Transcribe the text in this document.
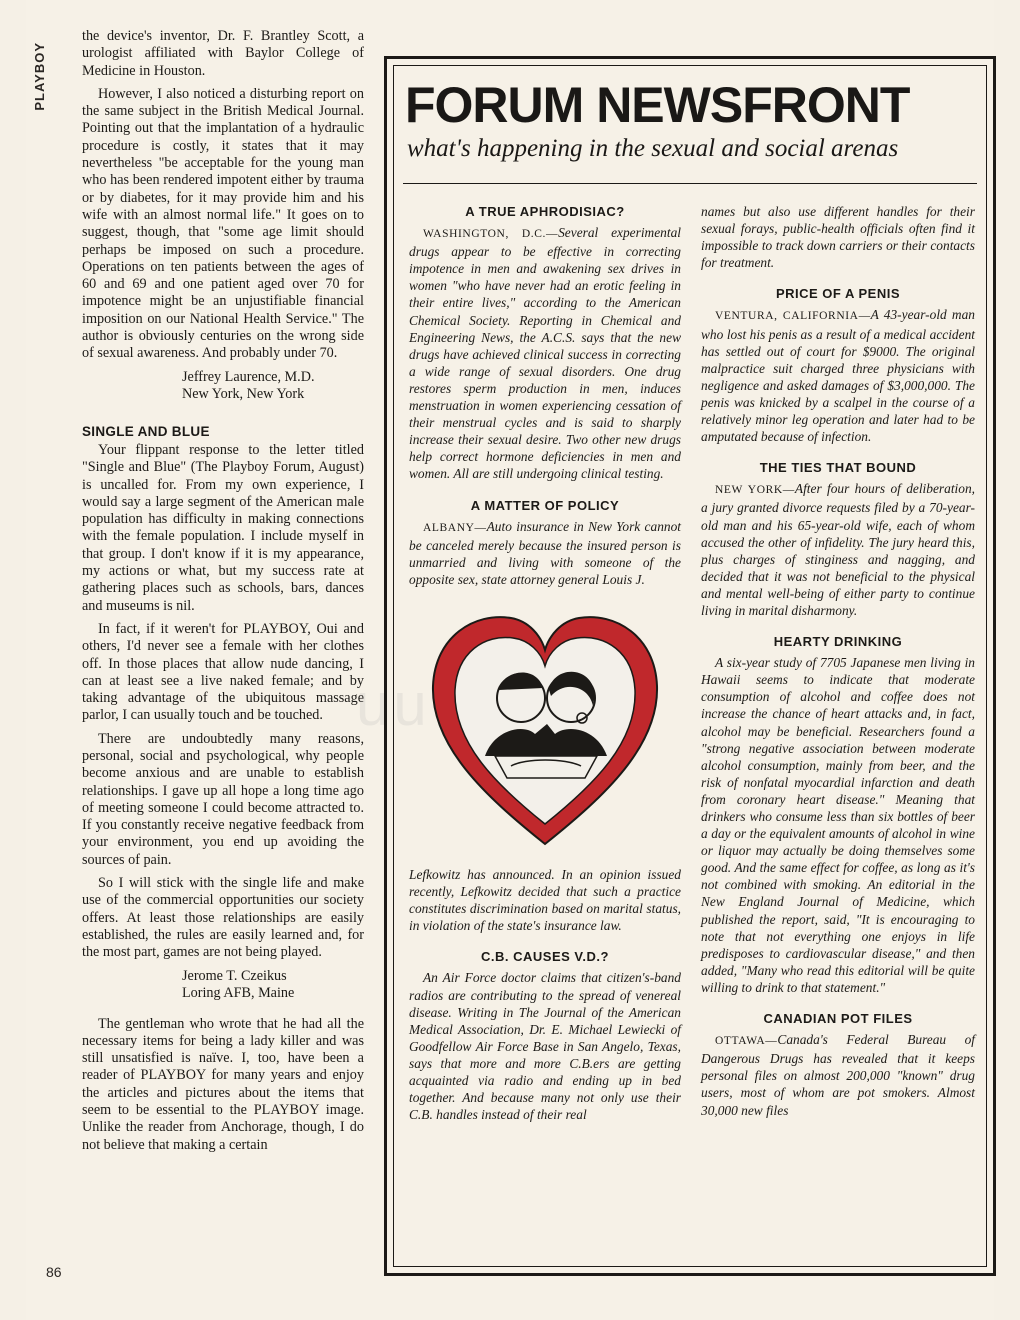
PLAYBOY
86

the device's inventor, Dr. F. Brantley Scott, a urologist affiliated with Baylor College of Medicine in Houston.

However, I also noticed a disturbing report on the same subject in the British Medical Journal. Pointing out that the implantation of a hydraulic procedure is costly, it states that it may nevertheless "be acceptable for the young man who has been rendered impotent either by trauma or by diabetes, for it may provide him and his wife with an almost normal life." It goes on to suggest, though, that "some age limit should perhaps be imposed on such a procedure. Operations on ten patients between the ages of 60 and 69 and one patient aged over 70 for impotence might be an unjustifiable financial imposition on our National Health Service." The author is obviously centuries on the wrong side of sexual awareness. And probably under 70.

Jeffrey Laurence, M.D.
New York, New York
SINGLE AND BLUE

Your flippant response to the letter titled "Single and Blue" (The Playboy Forum, August) is uncalled for. From my own experience, I would say a large segment of the American male population has difficulty in making connections with the female population. I include myself in that group. I don't know if it is my appearance, my actions or what, but my success rate at gathering places such as schools, bars, dances and museums is nil.

In fact, if it weren't for PLAYBOY, Oui and others, I'd never see a female with her clothes off. In those places that allow nude dancing, I can at least see a live naked female; and by taking advantage of the ubiquitous massage parlor, I can usually touch and be touched.

There are undoubtedly many reasons, personal, social and psychological, why people become anxious and are unable to establish relationships. I gave up all hope a long time ago of meeting someone I could become attracted to. If you constantly receive negative feedback from your environment, you end up avoiding the sources of pain.

So I will stick with the single life and make use of the commercial opportunities our society offers. At least those relationships are easily established, the rules are easily learned and, for the most part, games are not being played.

Jerome T. Czeikus
Loring AFB, Maine

The gentleman who wrote that he had all the necessary items for being a lady killer and was still unsatisfied is naïve. I, too, have been a reader of PLAYBOY for many years and enjoy the articles and pictures about the items that seem to be essential to the PLAYBOY image. Unlike the reader from Anchorage, though, I do not believe that making a certain

FORUM NEWSFRONT
what's happening in the sexual and social arenas
A TRUE APHRODISIAC?

WASHINGTON, D.C.—Several experimental drugs appear to be effective in correcting impotence in men and awakening sex drives in women "who have never had an erotic feeling in their entire lives," according to the American Chemical Society. Reporting in Chemical and Engineering News, the A.C.S. says that the new drugs have achieved clinical success in correcting a wide range of sexual disorders. One drug restores sperm production in men, induces menstruation in women experiencing cessation of their menstrual cycles and is said to sharply increase their sexual desire. Two other new drugs help correct hormone deficiencies in men and women. All are still undergoing clinical testing.

A MATTER OF POLICY

ALBANY—Auto insurance in New York cannot be canceled merely because the insured person is unmarried and living with someone of the opposite sex, state attorney general Louis J.

Lefkowitz has announced. In an opinion issued recently, Lefkowitz decided that such a practice constitutes discrimination based on marital status, in violation of the state's insurance law.

C.B. CAUSES V.D.?

An Air Force doctor claims that citizen's-band radios are contributing to the spread of venereal disease. Writing in The Journal of the American Medical Association, Dr. E. Michael Lewiecki of Goodfellow Air Force Base in San Angelo, Texas, says that more and more C.B.ers are getting acquainted via radio and ending up in bed together. And because many not only use their C.B. handles instead of their real

names but also use different handles for their sexual forays, public-health officials often find it impossible to track down carriers or their contacts for treatment.

PRICE OF A PENIS

VENTURA, CALIFORNIA—A 43-year-old man who lost his penis as a result of a medical accident has settled out of court for $9000. The original malpractice suit charged three physicians with negligence and asked damages of $3,000,000. The penis was knicked by a scalpel in the course of a relatively minor leg operation and later had to be amputated because of infection.

THE TIES THAT BOUND

NEW YORK—After four hours of deliberation, a jury granted divorce requests filed by a 70-year-old man and his 65-year-old wife, each of whom accused the other of infidelity. The jury heard this, plus charges of stinginess and nagging, and decided that it was not beneficial to the physical and mental well-being of either party to continue living in marital disharmony.

HEARTY DRINKING

A six-year study of 7705 Japanese men living in Hawaii seems to indicate that moderate consumption of alcohol and coffee does not increase the chance of heart attacks and, in fact, alcohol may be beneficial. Researchers found a "strong negative association between moderate alcohol consumption, mainly from beer, and the risk of nonfatal myocardial infarction and death from coronary heart disease." Meaning that drinkers who consume less than six bottles of beer a day or the equivalent amounts of alcohol in wine or liquor may actually be doing themselves some good. And the same effect for coffee, as long as it's not combined with smoking. An editorial in the New England Journal of Medicine, which published the report, said, "It is encouraging to note that not everything one enjoys in life predisposes to cardiovascular disease," and then added, "Many who read this editorial will be quite willing to drink to that statement."

CANADIAN POT FILES

OTTAWA—Canada's Federal Bureau of Dangerous Drugs has revealed that it keeps personal files on almost 200,000 "known" drug users, most of whom are pot smokers. Almost 30,000 new files
